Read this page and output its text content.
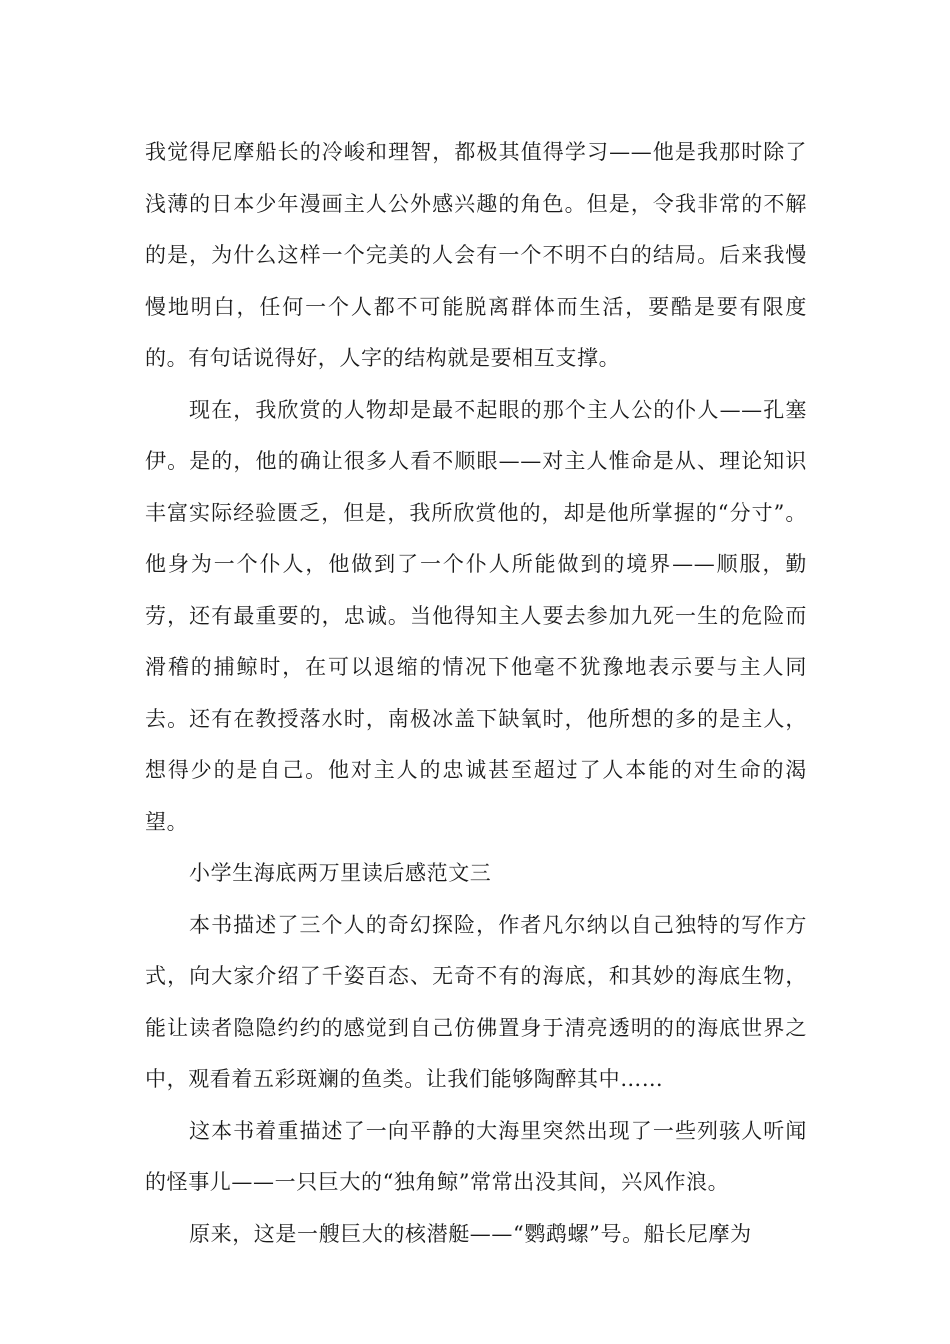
我觉得尼摩船长的冷峻和理智，都极其值得学习——他是我那时除了浅薄的日本少年漫画主人公外感兴趣的角色。但是，令我非常的不解的是，为什么这样一个完美的人会有一个不明不白的结局。后来我慢慢地明白，任何一个人都不可能脱离群体而生活，要酷是要有限度的。有句话说得好，人字的结构就是要相互支撑。

现在，我欣赏的人物却是最不起眼的那个主人公的仆人——孔塞伊。是的，他的确让很多人看不顺眼——对主人惟命是从、理论知识丰富实际经验匮乏，但是，我所欣赏他的，却是他所掌握的“分寸”。他身为一个仆人，他做到了一个仆人所能做到的境界——顺服，勤劳，还有最重要的，忠诚。当他得知主人要去参加九死一生的危险而滑稽的捕鲸时，在可以退缩的情况下他毫不犹豫地表示要与主人同去。还有在教授落水时，南极冰盖下缺氧时，他所想的多的是主人，想得少的是自己。他对主人的忠诚甚至超过了人本能的对生命的渴望。

小学生海底两万里读后感范文三

本书描述了三个人的奇幻探险，作者凡尔纳以自己独特的写作方式，向大家介绍了千姿百态、无奇不有的海底，和其妙的海底生物，能让读者隐隐约约的感觉到自己仿佛置身于清亮透明的的海底世界之中，观看着五彩斑斓的鱼类。让我们能够陶醉其中……

这本书着重描述了一向平静的大海里突然出现了一些列骇人听闻的怪事儿——一只巨大的“独角鲸”常常出没其间，兴风作浪。

原来，这是一艘巨大的核潜艇——“鹦鹉螺”号。船长尼摩为
